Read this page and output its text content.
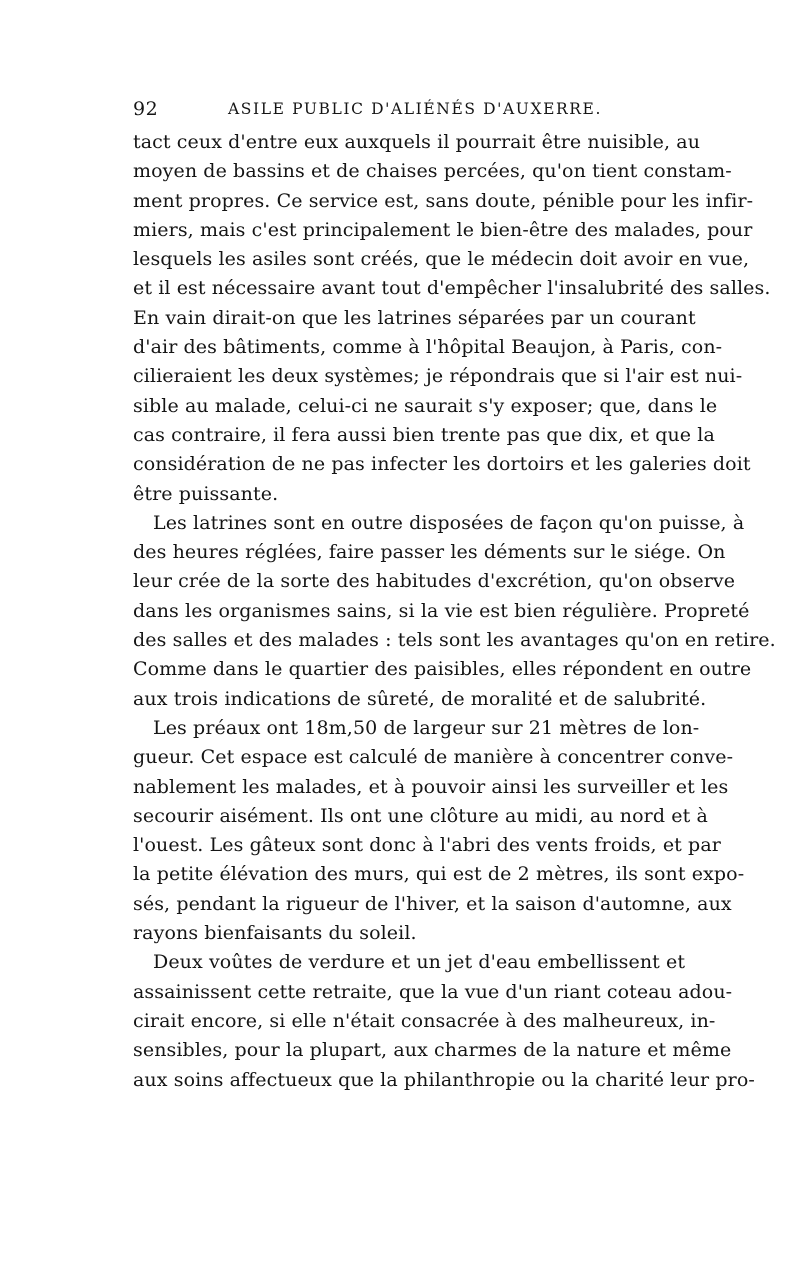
92	ASILE PUBLIC D'ALIÉNÉS D'AUXERRE.
tact ceux d'entre eux auxquels il pourrait être nuisible, au
moyen de bassins et de chaises percées, qu'on tient constam-
ment propres. Ce service est, sans doute, pénible pour les infir-
miers, mais c'est principalement le bien-être des malades, pour
lesquels les asiles sont créés, que le médecin doit avoir en vue,
et il est nécessaire avant tout d'empêcher l'insalubrité des salles.
En vain dirait-on que les latrines séparées par un courant
d'air des bâtiments, comme à l'hôpital Beaujon, à Paris, con-
cilieraient les deux systèmes; je répondrais que si l'air est nui-
sible au malade, celui-ci ne saurait s'y exposer; que, dans le
cas contraire, il fera aussi bien trente pas que dix, et que la
considération de ne pas infecter les dortoirs et les galeries doit
être puissante.
Les latrines sont en outre disposées de façon qu'on puisse, à
des heures réglées, faire passer les déments sur le siége. On
leur crée de la sorte des habitudes d'excrétion, qu'on observe
dans les organismes sains, si la vie est bien régulière. Propreté
des salles et des malades : tels sont les avantages qu'on en retire.
Comme dans le quartier des paisibles, elles répondent en outre
aux trois indications de sûreté, de moralité et de salubrité.
Les préaux ont 18m,50 de largeur sur 21 mètres de lon-
gueur. Cet espace est calculé de manière à concentrer conve-
nablement les malades, et à pouvoir ainsi les surveiller et les
secourir aisément. Ils ont une clôture au midi, au nord et à
l'ouest. Les gâteux sont donc à l'abri des vents froids, et par
la petite élévation des murs, qui est de 2 mètres, ils sont expo-
sés, pendant la rigueur de l'hiver, et la saison d'automne, aux
rayons bienfaisants du soleil.
Deux voûtes de verdure et un jet d'eau embellissent et
assainissent cette retraite, que la vue d'un riant coteau adou-
cirait encore, si elle n'était consacrée à des malheureux, in-
sensibles, pour la plupart, aux charmes de la nature et même
aux soins affectueux que la philanthropie ou la charité leur pro-
